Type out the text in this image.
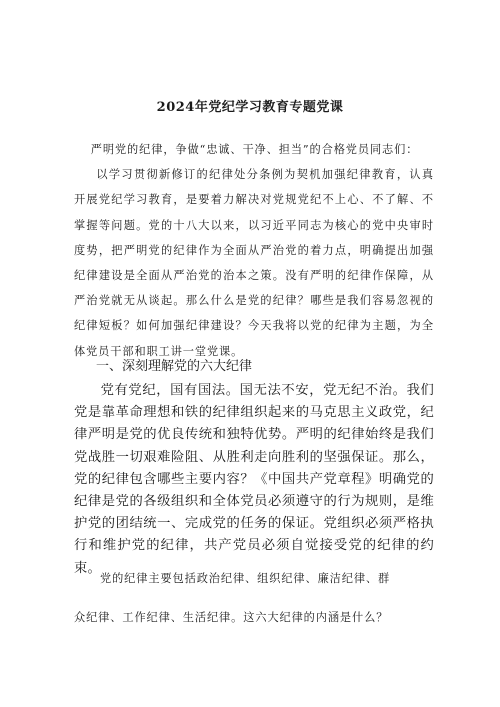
2024年党纪学习教育专题党课

严明党的纪律，争做“忠诚、干净、担当”的合格党员同志们：

以学习贯彻新修订的纪律处分条例为契机加强纪律教育，认真开展党纪学习教育，是要着力解决对党规党纪不上心、不了解、不掌握等问题。党的十八大以来，以习近平同志为核心的党中央审时度势，把严明党的纪律作为全面从严治党的着力点，明确提出加强纪律建设是全面从严治党的治本之策。没有严明的纪律作保障，从严治党就无从谈起。那么什么是党的纪律？哪些是我们容易忽视的纪律短板？如何加强纪律建设？今天我将以党的纪律为主题，为全体党员干部和职工讲一堂党课。

一、深刻理解党的六大纪律

党有党纪，国有国法。国无法不安，党无纪不治。我们党是靠革命理想和铁的纪律组织起来的马克思主义政党，纪律严明是党的优良传统和独特优势。严明的纪律始终是我们党战胜一切艰难险阻、从胜利走向胜利的坚强保证。那么，党的纪律包含哪些主要内容？《中国共产党章程》明确党的纪律是党的各级组织和全体党员必须遵守的行为规则，是维护党的团结统一、完成党的任务的保证。党组织必须严格执行和维护党的纪律，共产党员必须自觉接受党的纪律的约束。

党的纪律主要包括政治纪律、组织纪律、廉洁纪律、群
众纪律、工作纪律、生活纪律。这六大纪律的内涵是什么？
